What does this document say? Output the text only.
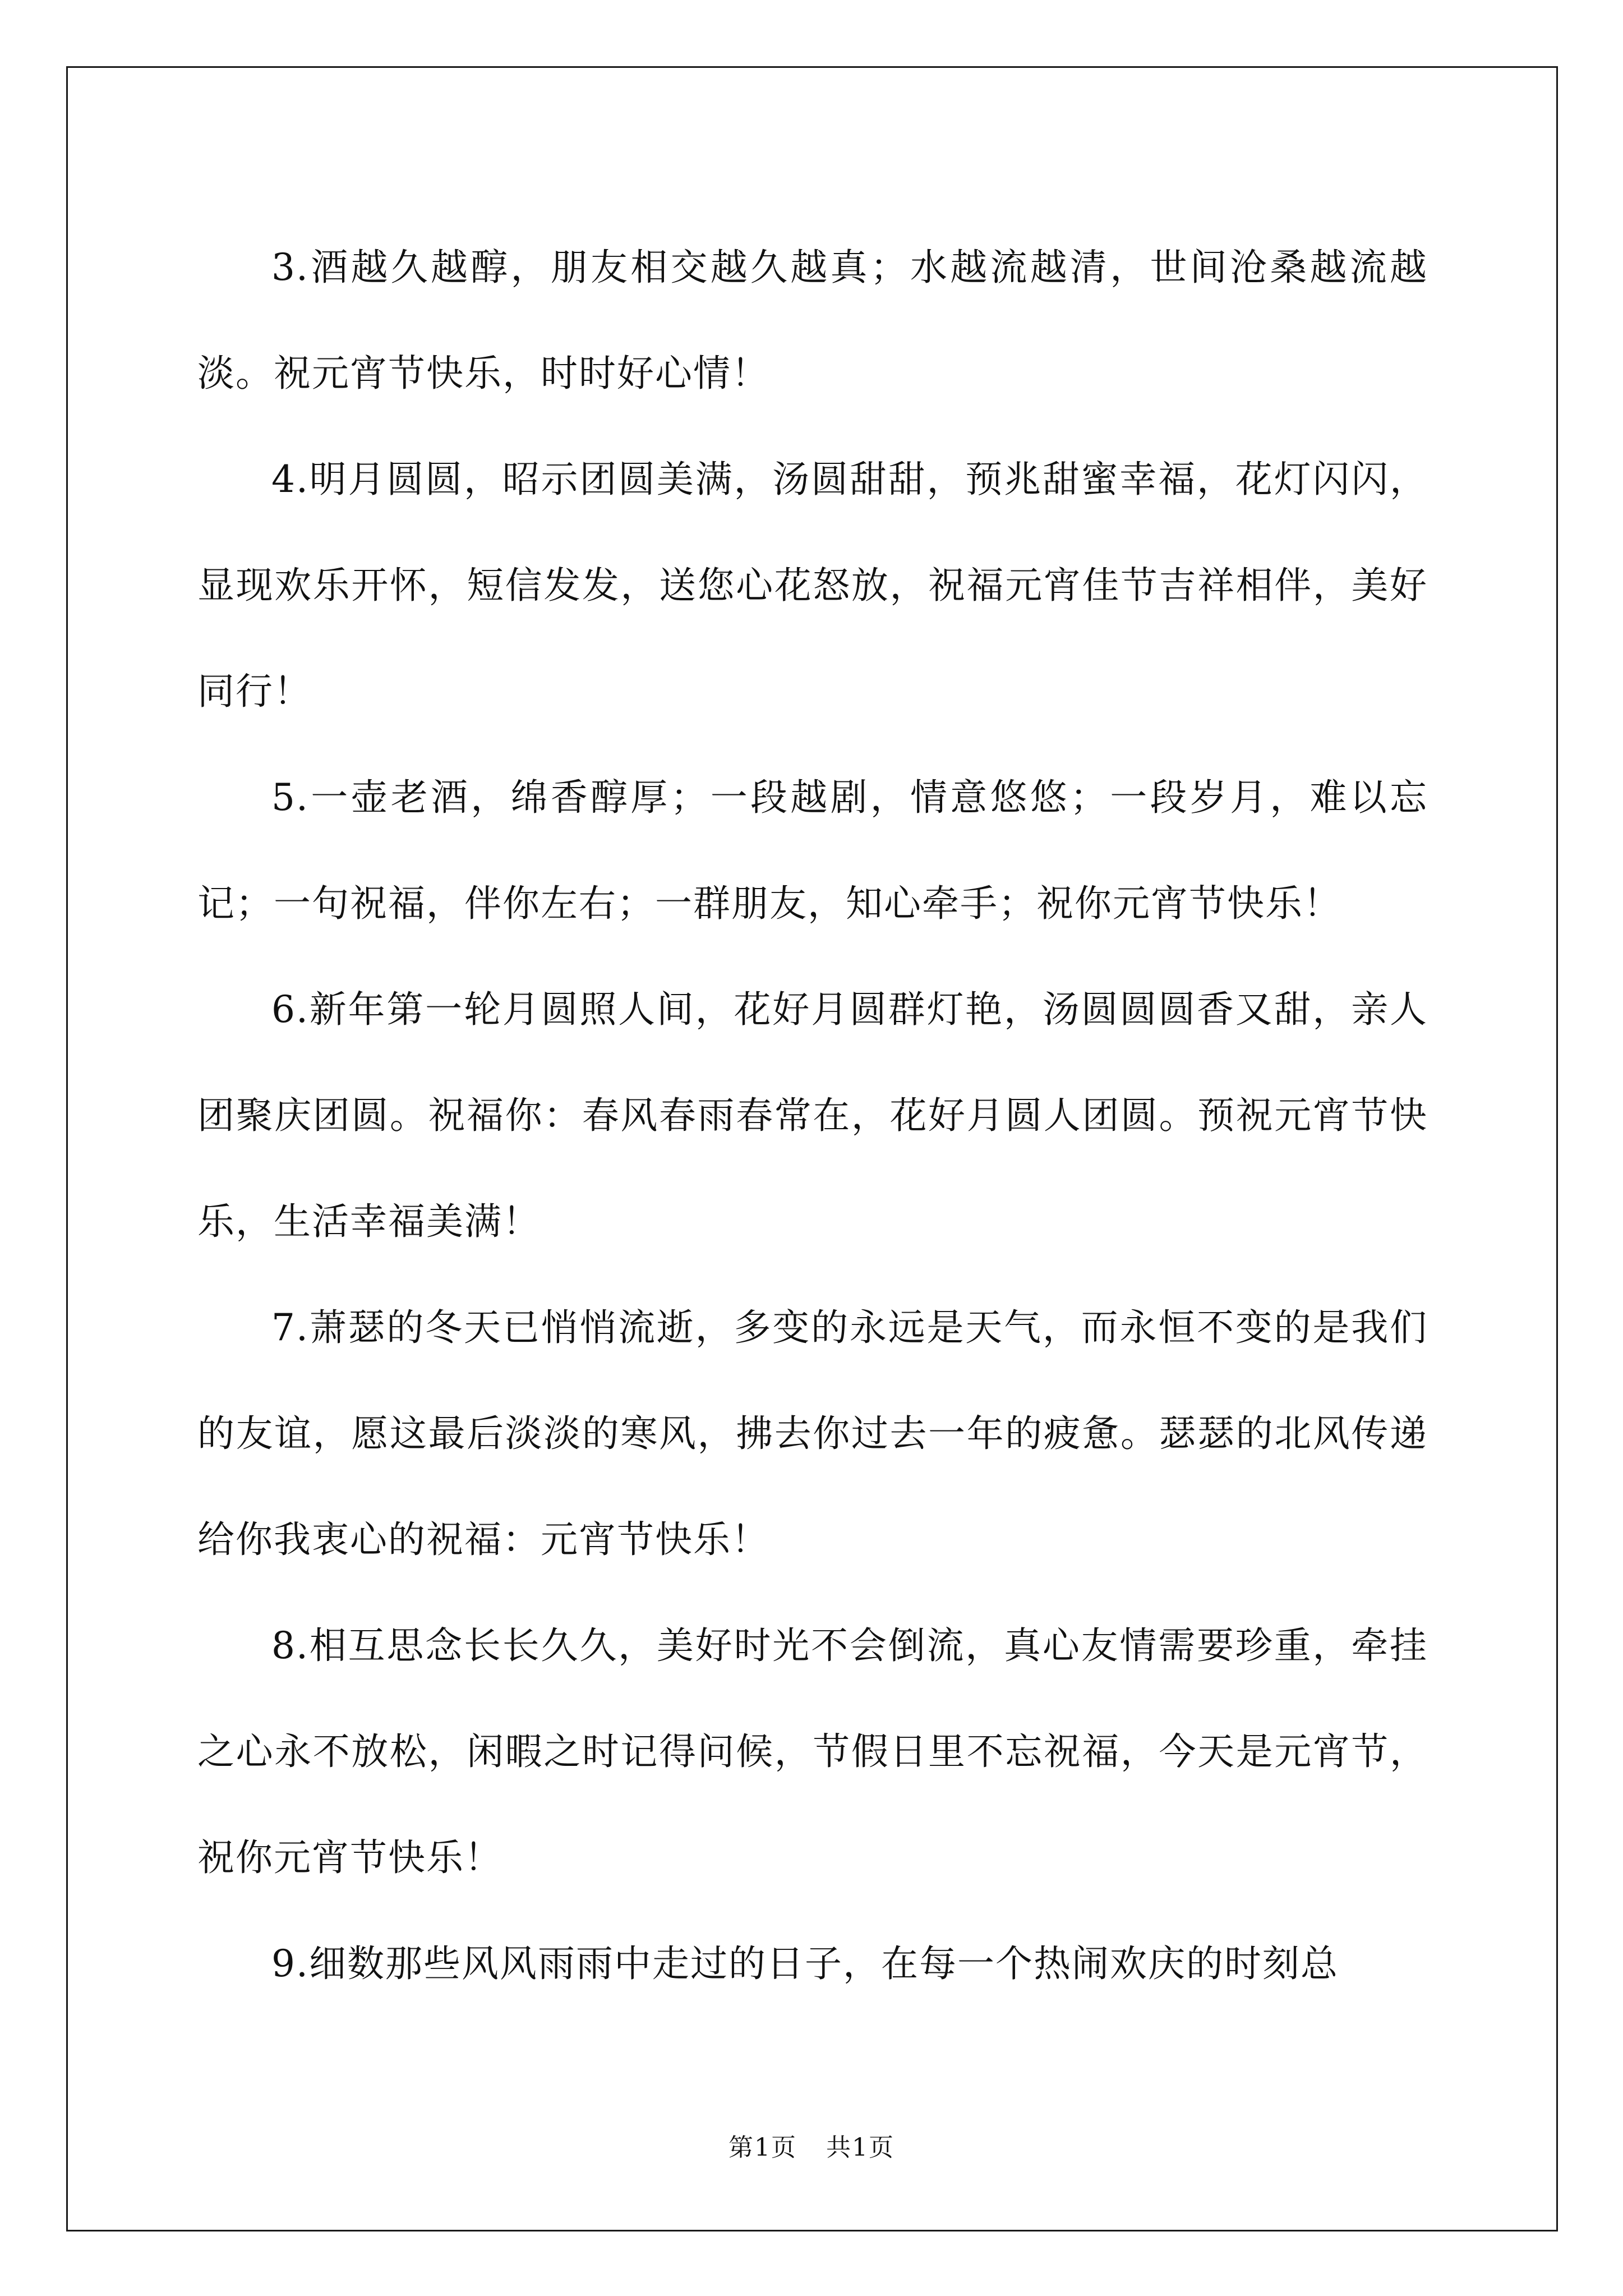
3.酒越久越醇，朋友相交越久越真；水越流越清，世间沧桑越流越淡。祝元宵节快乐，时时好心情！

4.明月圆圆，昭示团圆美满，汤圆甜甜，预兆甜蜜幸福，花灯闪闪，显现欢乐开怀，短信发发，送您心花怒放，祝福元宵佳节吉祥相伴，美好同行！

5.一壶老酒，绵香醇厚；一段越剧，情意悠悠；一段岁月，难以忘记；一句祝福，伴你左右；一群朋友，知心牵手；祝你元宵节快乐！

6.新年第一轮月圆照人间，花好月圆群灯艳，汤圆圆圆香又甜，亲人团聚庆团圆。祝福你：春风春雨春常在，花好月圆人团圆。预祝元宵节快乐，生活幸福美满！

7.萧瑟的冬天已悄悄流逝，多变的永远是天气，而永恒不变的是我们的友谊，愿这最后淡淡的寒风，拂去你过去一年的疲惫。瑟瑟的北风传递给你我衷心的祝福：元宵节快乐！

8.相互思念长长久久，美好时光不会倒流，真心友情需要珍重，牵挂之心永不放松，闲暇之时记得问候，节假日里不忘祝福，今天是元宵节，祝你元宵节快乐！

9.细数那些风风雨雨中走过的日子，在每一个热闹欢庆的时刻总

第1页 共1页
